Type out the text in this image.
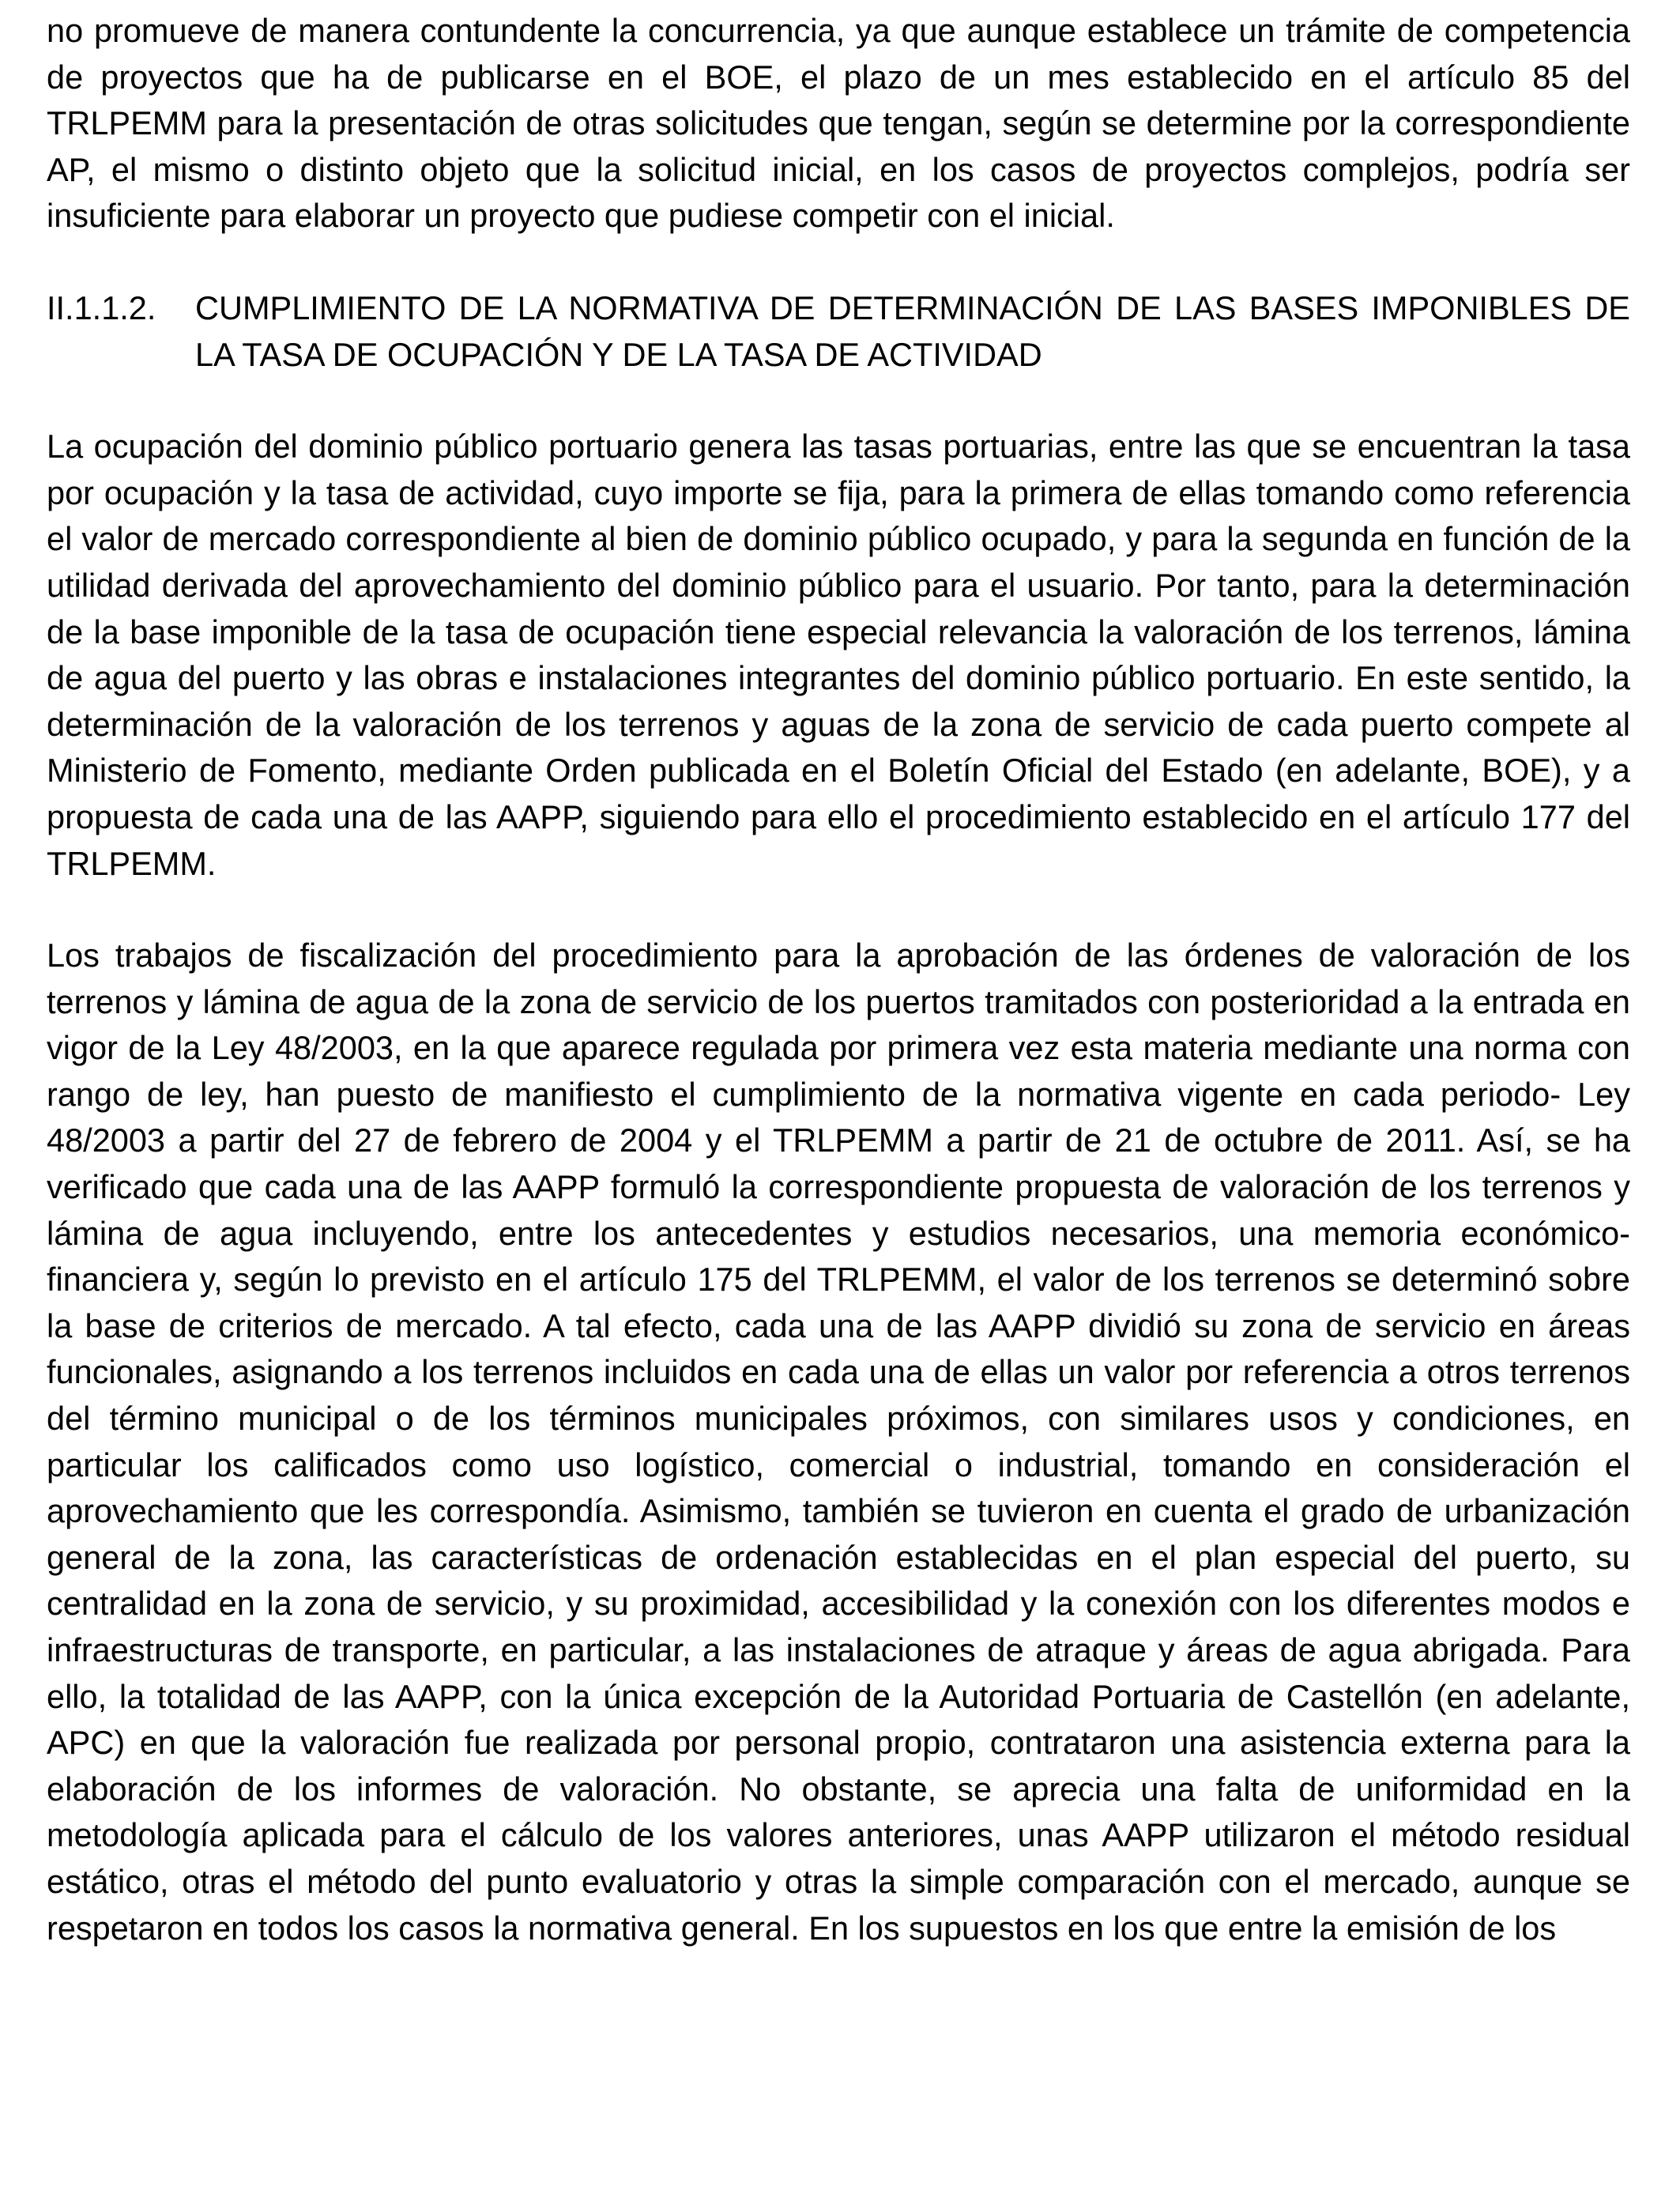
no promueve de manera contundente la concurrencia, ya que aunque establece un trámite de competencia de proyectos que ha de publicarse en el BOE, el plazo de un mes establecido en el artículo 85 del TRLPEMM para la presentación de otras solicitudes que tengan, según se determine por la correspondiente AP, el mismo o distinto objeto que la solicitud inicial, en los casos de proyectos complejos, podría ser insuficiente para elaborar un proyecto que pudiese competir con el inicial.

II.1.1.2.	CUMPLIMIENTO DE LA NORMATIVA DE DETERMINACIÓN DE LAS BASES IMPONIBLES DE LA TASA DE OCUPACIÓN Y DE LA TASA DE ACTIVIDAD

La ocupación del dominio público portuario genera las tasas portuarias, entre las que se encuentran la tasa por ocupación y la tasa de actividad, cuyo importe se fija, para la primera de ellas tomando como referencia el valor de mercado correspondiente al bien de dominio público ocupado, y para la segunda en función de la utilidad derivada del aprovechamiento del dominio público para el usuario. Por tanto, para la determinación de la base imponible de la tasa de ocupación tiene especial relevancia la valoración de los terrenos, lámina de agua del puerto y las obras e instalaciones integrantes del dominio público portuario. En este sentido, la determinación de la valoración de los terrenos y aguas de la zona de servicio de cada puerto compete al Ministerio de Fomento, mediante Orden publicada en el Boletín Oficial del Estado (en adelante, BOE), y a propuesta de cada una de las AAPP, siguiendo para ello el procedimiento establecido en el artículo 177 del TRLPEMM.

Los trabajos de fiscalización del procedimiento para la aprobación de las órdenes de valoración de los terrenos y lámina de agua de la zona de servicio de los puertos tramitados con posterioridad a la entrada en vigor de la Ley 48/2003, en la que aparece regulada por primera vez esta materia mediante una norma con rango de ley, han puesto de manifiesto el cumplimiento de la normativa vigente en cada periodo- Ley 48/2003 a partir del 27 de febrero de 2004 y el TRLPEMM a partir de 21 de octubre de 2011. Así, se ha verificado que cada una de las AAPP formuló la correspondiente propuesta de valoración de los terrenos y lámina de agua incluyendo, entre los antecedentes y estudios necesarios, una memoria económico-financiera y, según lo previsto en el artículo 175 del TRLPEMM, el valor de los terrenos se determinó sobre la base de criterios de mercado. A tal efecto, cada una de las AAPP dividió su zona de servicio en áreas funcionales, asignando a los terrenos incluidos en cada una de ellas un valor por referencia a otros terrenos del término municipal o de los términos municipales próximos, con similares usos y condiciones, en particular los calificados como uso logístico, comercial o industrial, tomando en consideración el aprovechamiento que les correspondía. Asimismo, también se tuvieron en cuenta el grado de urbanización general de la zona, las características de ordenación establecidas en el plan especial del puerto, su centralidad en la zona de servicio, y su proximidad, accesibilidad y la conexión con los diferentes modos e infraestructuras de transporte, en particular, a las instalaciones de atraque y áreas de agua abrigada. Para ello, la totalidad de las AAPP, con la única excepción de la Autoridad Portuaria de Castellón (en adelante, APC) en que la valoración fue realizada por personal propio, contrataron una asistencia externa para la elaboración de los informes de valoración. No obstante, se aprecia una falta de uniformidad en la metodología aplicada para el cálculo de los valores anteriores, unas AAPP utilizaron el método residual estático, otras el método del punto evaluatorio y otras la simple comparación con el mercado, aunque se respetaron en todos los casos la normativa general. En los supuestos en los que entre la emisión de los
